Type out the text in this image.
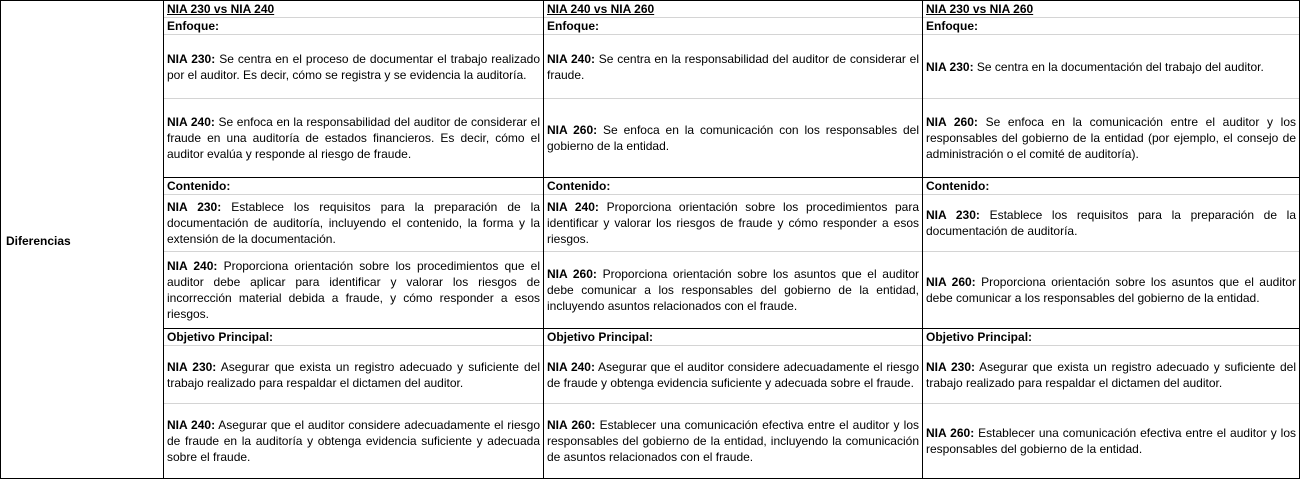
Diferencias
NIA 230 vs NIA 240
Enfoque:
NIA 230: Se centra en el proceso de documentar el trabajo realizado por el auditor. Es decir, cómo se registra y se evidencia la auditoría.
NIA 240: Se enfoca en la responsabilidad del auditor de considerar el fraude en una auditoría de estados financieros. Es decir, cómo el auditor evalúa y responde al riesgo de fraude.
Contenido:
NIA 230: Establece los requisitos para la preparación de la documentación de auditoría, incluyendo el contenido, la forma y la extensión de la documentación.
NIA 240: Proporciona orientación sobre los procedimientos que el auditor debe aplicar para identificar y valorar los riesgos de incorrección material debida a fraude, y cómo responder a esos riesgos.
Objetivo Principal:
NIA 230: Asegurar que exista un registro adecuado y suficiente del trabajo realizado para respaldar el dictamen del auditor.
NIA 240: Asegurar que el auditor considere adecuadamente el riesgo de fraude en la auditoría y obtenga evidencia suficiente y adecuada sobre el fraude.
NIA 240 vs NIA 260
Enfoque:
NIA 240: Se centra en la responsabilidad del auditor de considerar el fraude.
NIA 260: Se enfoca en la comunicación con los responsables del gobierno de la entidad.
Contenido:
NIA 240: Proporciona orientación sobre los procedimientos para identificar y valorar los riesgos de fraude y cómo responder a esos riesgos.
NIA 260: Proporciona orientación sobre los asuntos que el auditor debe comunicar a los responsables del gobierno de la entidad, incluyendo asuntos relacionados con el fraude.
Objetivo Principal:
NIA 240: Asegurar que el auditor considere adecuadamente el riesgo de fraude y obtenga evidencia suficiente y adecuada sobre el fraude.
NIA 260: Establecer una comunicación efectiva entre el auditor y los responsables del gobierno de la entidad, incluyendo la comunicación de asuntos relacionados con el fraude.
NIA 230 vs NIA 260
Enfoque:
NIA 230: Se centra en la documentación del trabajo del auditor.
NIA 260: Se enfoca en la comunicación entre el auditor y los responsables del gobierno de la entidad (por ejemplo, el consejo de administración o el comité de auditoría).
Contenido:
NIA 230: Establece los requisitos para la preparación de la documentación de auditoría.
NIA 260: Proporciona orientación sobre los asuntos que el auditor debe comunicar a los responsables del gobierno de la entidad.
Objetivo Principal:
NIA 230: Asegurar que exista un registro adecuado y suficiente del trabajo realizado para respaldar el dictamen del auditor.
NIA 260: Establecer una comunicación efectiva entre el auditor y los responsables del gobierno de la entidad.
